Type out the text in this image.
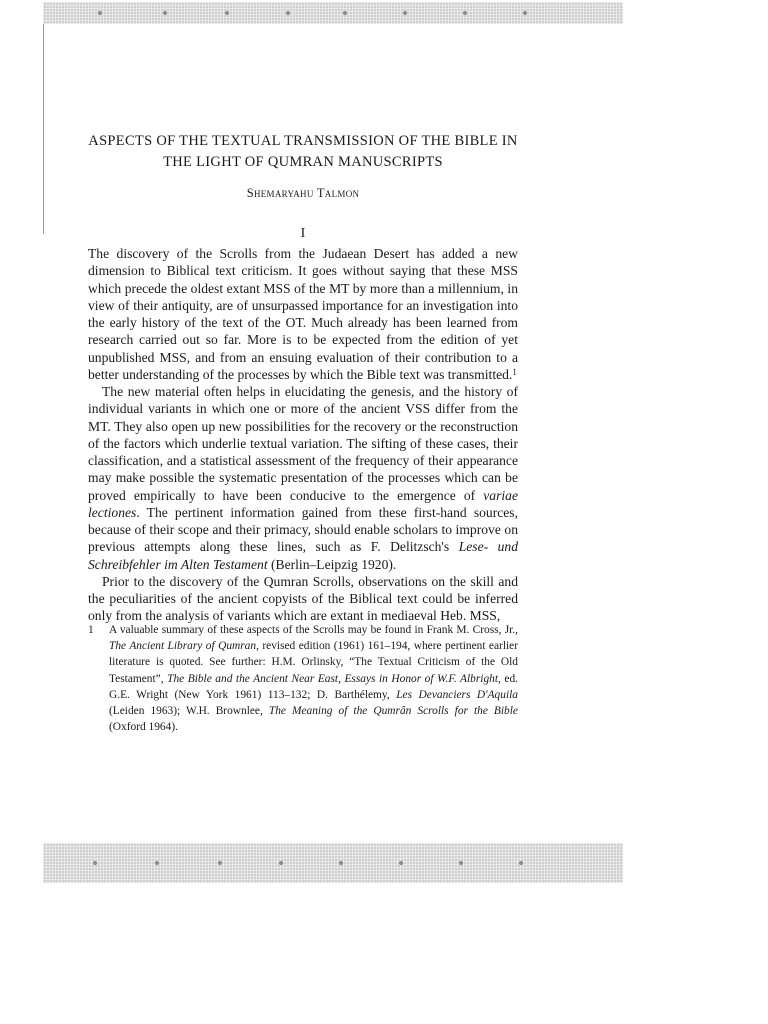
ASPECTS OF THE TEXTUAL TRANSMISSION OF THE BIBLE IN
THE LIGHT OF QUMRAN MANUSCRIPTS
Shemaryahu Talmon
I

The discovery of the Scrolls from the Judaean Desert has added a new dimension to Biblical text criticism. It goes without saying that these MSS which precede the oldest extant MSS of the MT by more than a millennium, in view of their antiquity, are of unsurpassed importance for an investigation into the early history of the text of the OT. Much already has been learned from research carried out so far. More is to be expected from the edition of yet unpublished MSS, and from an ensuing evaluation of their contribution to a better understanding of the processes by which the Bible text was transmitted.$^1$

The new material often helps in elucidating the genesis, and the history of individual variants in which one or more of the ancient VSS differ from the MT. They also open up new possibilities for the recovery or the reconstruction of the factors which underlie textual variation. The sifting of these cases, their classification, and a statistical assessment of the frequency of their appearance may make possible the systematic presentation of the processes which can be proved empirically to have been conducive to the emergence of variae lectiones. The pertinent information gained from these first-hand sources, because of their scope and their primacy, should enable scholars to improve on previous attempts along these lines, such as F. Delitzsch's Lese- und Schreibfehler im Alten Testament (Berlin–Leipzig 1920).

Prior to the discovery of the Qumran Scrolls, observations on the skill and the peculiarities of the ancient copyists of the Biblical text could be inferred only from the analysis of variants which are extant in mediaeval Heb. MSS,

1	A valuable summary of these aspects of the Scrolls may be found in Frank M. Cross, Jr., The Ancient Library of Qumran, revised edition (1961) 161–194, where pertinent earlier literature is quoted. See further: H.M. Orlinsky, “The Textual Criticism of the Old Testament”, The Bible and the Ancient Near East, Essays in Honor of W.F. Albright, ed. G.E. Wright (New York 1961) 113–132; D. Barthélemy, Les Devanciers D'Aquila (Leiden 1963); W.H. Brownlee, The Meaning of the Qumrân Scrolls for the Bible (Oxford 1964).
